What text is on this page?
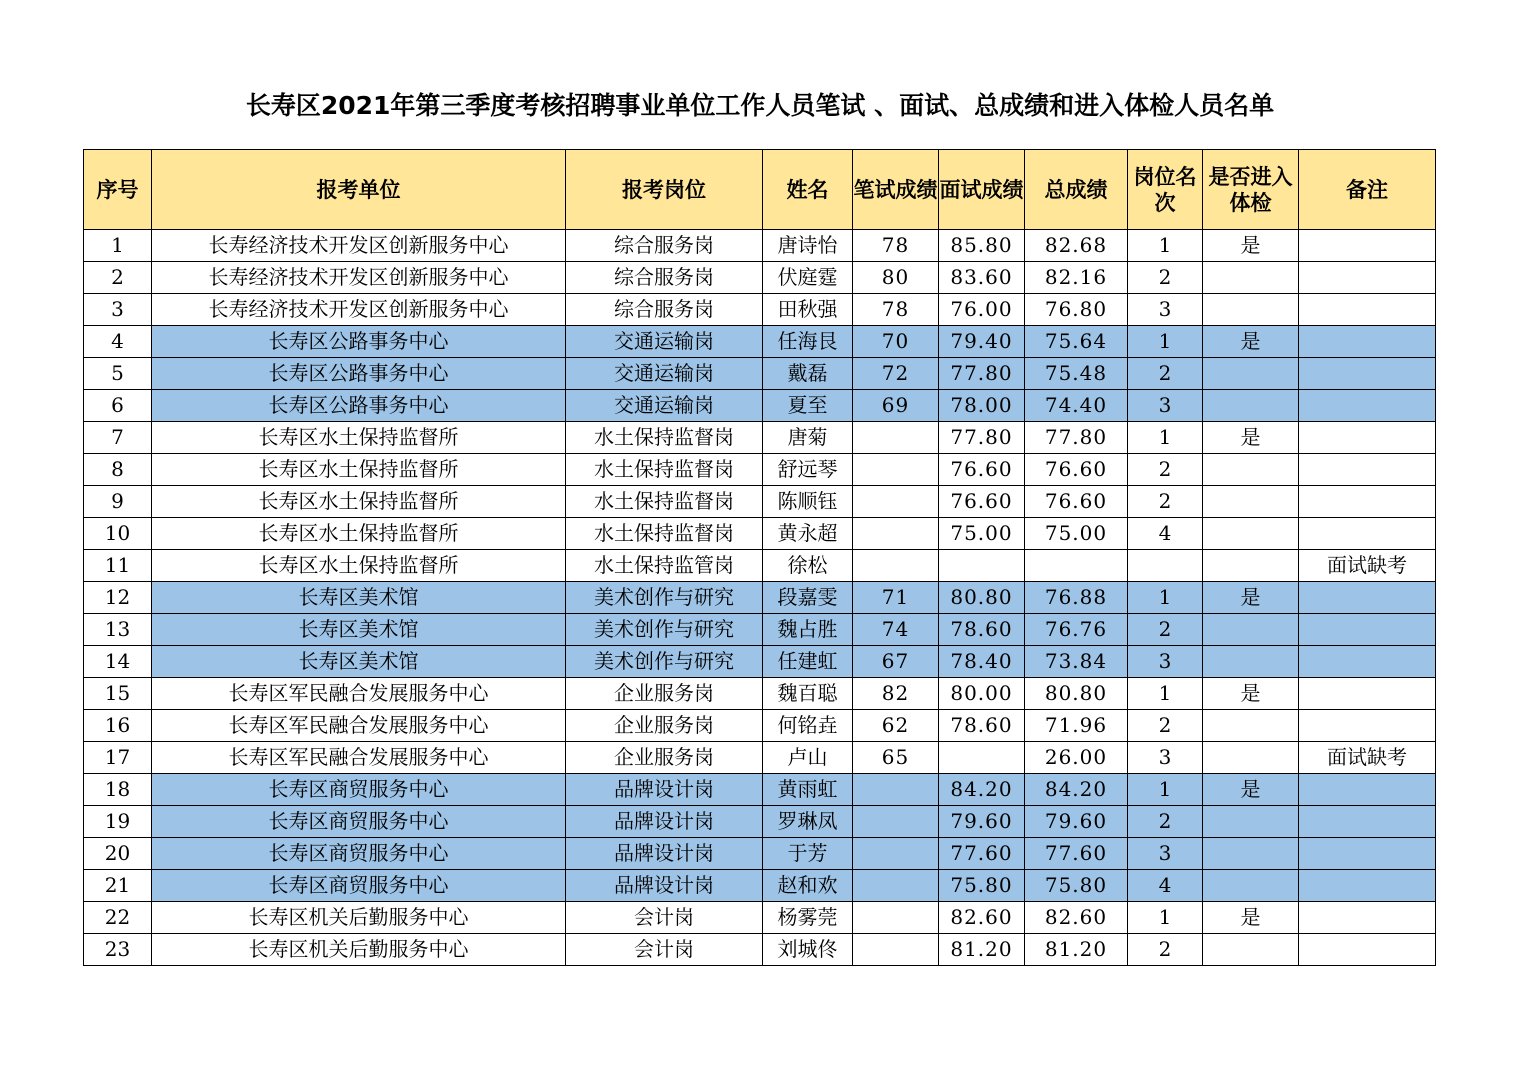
长寿区2021年第三季度考核招聘事业单位工作人员笔试 、面试、总成绩和进入体检人员名单
序号	报考单位	报考岗位	姓名	笔试成绩	面试成绩	总成绩	岗位名次	是否进入体检	备注
1	长寿经济技术开发区创新服务中心	综合服务岗	唐诗怡	78	85.80	82.68	1	是	
2	长寿经济技术开发区创新服务中心	综合服务岗	伏庭霆	80	83.60	82.16	2		
3	长寿经济技术开发区创新服务中心	综合服务岗	田秋强	78	76.00	76.80	3		
4	长寿区公路事务中心	交通运输岗	任海艮	70	79.40	75.64	1	是	
5	长寿区公路事务中心	交通运输岗	戴磊	72	77.80	75.48	2		
6	长寿区公路事务中心	交通运输岗	夏至	69	78.00	74.40	3		
7	长寿区水土保持监督所	水土保持监督岗	唐菊		77.80	77.80	1	是	
8	长寿区水土保持监督所	水土保持监督岗	舒远琴		76.60	76.60	2		
9	长寿区水土保持监督所	水土保持监督岗	陈顺钰		76.60	76.60	2		
10	长寿区水土保持监督所	水土保持监督岗	黄永超		75.00	75.00	4		
11	长寿区水土保持监督所	水土保持监管岗	徐松						面试缺考
12	长寿区美术馆	美术创作与研究	段嘉雯	71	80.80	76.88	1	是	
13	长寿区美术馆	美术创作与研究	魏占胜	74	78.60	76.76	2		
14	长寿区美术馆	美术创作与研究	任建虹	67	78.40	73.84	3		
15	长寿区军民融合发展服务中心	企业服务岗	魏百聪	82	80.00	80.80	1	是	
16	长寿区军民融合发展服务中心	企业服务岗	何铭垚	62	78.60	71.96	2		
17	长寿区军民融合发展服务中心	企业服务岗	卢山	65		26.00	3		面试缺考
18	长寿区商贸服务中心	品牌设计岗	黄雨虹		84.20	84.20	1	是	
19	长寿区商贸服务中心	品牌设计岗	罗琳凤		79.60	79.60	2		
20	长寿区商贸服务中心	品牌设计岗	于芳		77.60	77.60	3		
21	长寿区商贸服务中心	品牌设计岗	赵和欢		75.80	75.80	4		
22	长寿区机关后勤服务中心	会计岗	杨雾莞		82.60	82.60	1	是	
23	长寿区机关后勤服务中心	会计岗	刘城佟		81.20	81.20	2		
